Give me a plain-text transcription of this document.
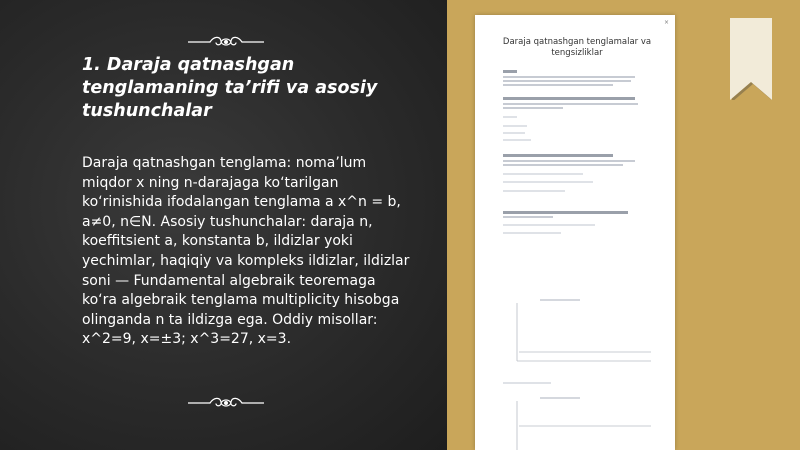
1. Daraja qatnashgan tenglamaning ta’rifi va asosiy tushunchalar
Daraja qatnashgan tenglama: noma’lum miqdor x ning n-darajaga ko‘tarilgan ko‘rinishida ifodalangan tenglama a x^n = b, a≠0, n∈N. Asosiy tushunchalar: daraja n, koeffitsient a, konstanta b, ildizlar yoki yechimlar, haqiqiy va kompleks ildizlar, ildizlar soni — Fundamental algebraik teoremaga ko‘ra algebraik tenglama multiplicity hisobga olinganda n ta ildizga ega. Oddiy misollar: x^2=9, x=±3; x^3=27, x=3.
×
Daraja qatnashgan tenglamalar va tengsizliklar
